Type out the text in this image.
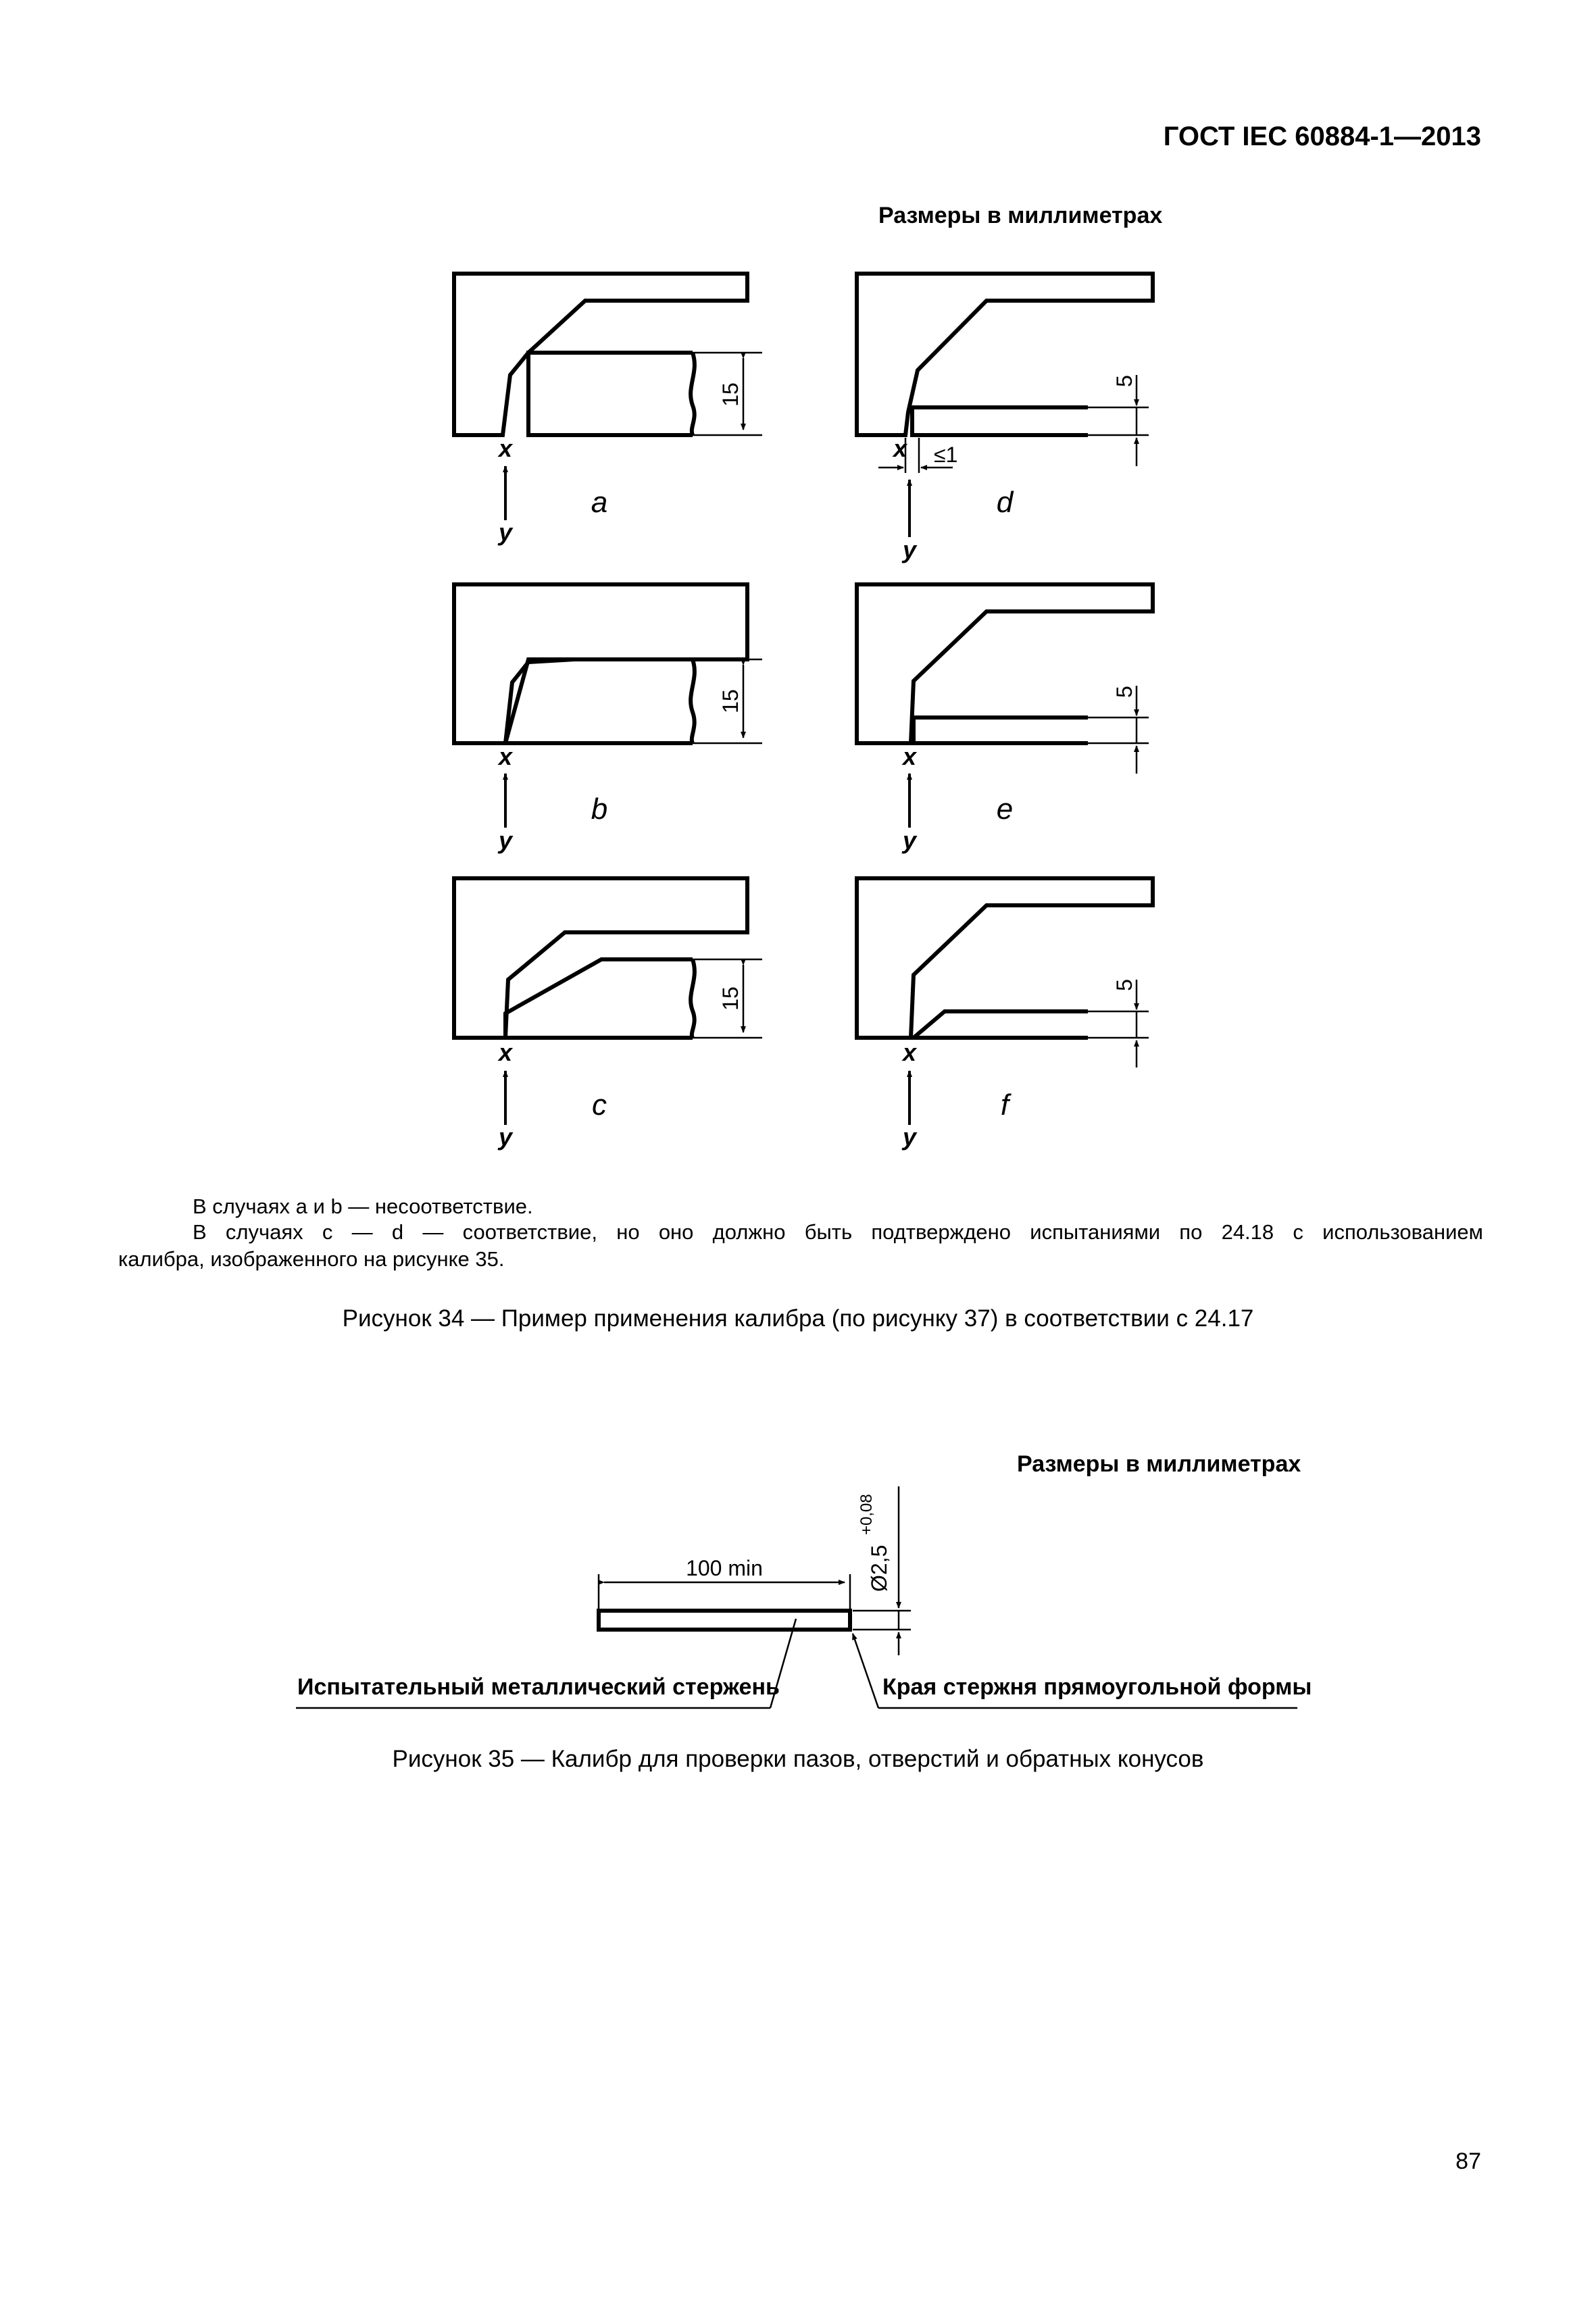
ГОСТ IEC 60884-1—2013
Размеры в миллиметрах
15
15
15
5
5
5
≤1
x
y
x
y
x
y
x
y
x
y
x
y
a
b
c
d
e
f
В случаях a и b — несоответствие.
В случаях c — d — соответствие, но оно должно быть подтверждено испытаниями по 24.18 с использованием
калибра, изображенного на рисунке 35.
Рисунок 34 — Пример применения калибра (по рисунку 37) в соответствии с 24.17
Размеры в миллиметрах
100 min	Ø2,5
+0,08
Испытательный металлический стержень	Края стержня прямоугольной формы
Рисунок 35 — Калибр для проверки пазов, отверстий и обратных конусов
87
